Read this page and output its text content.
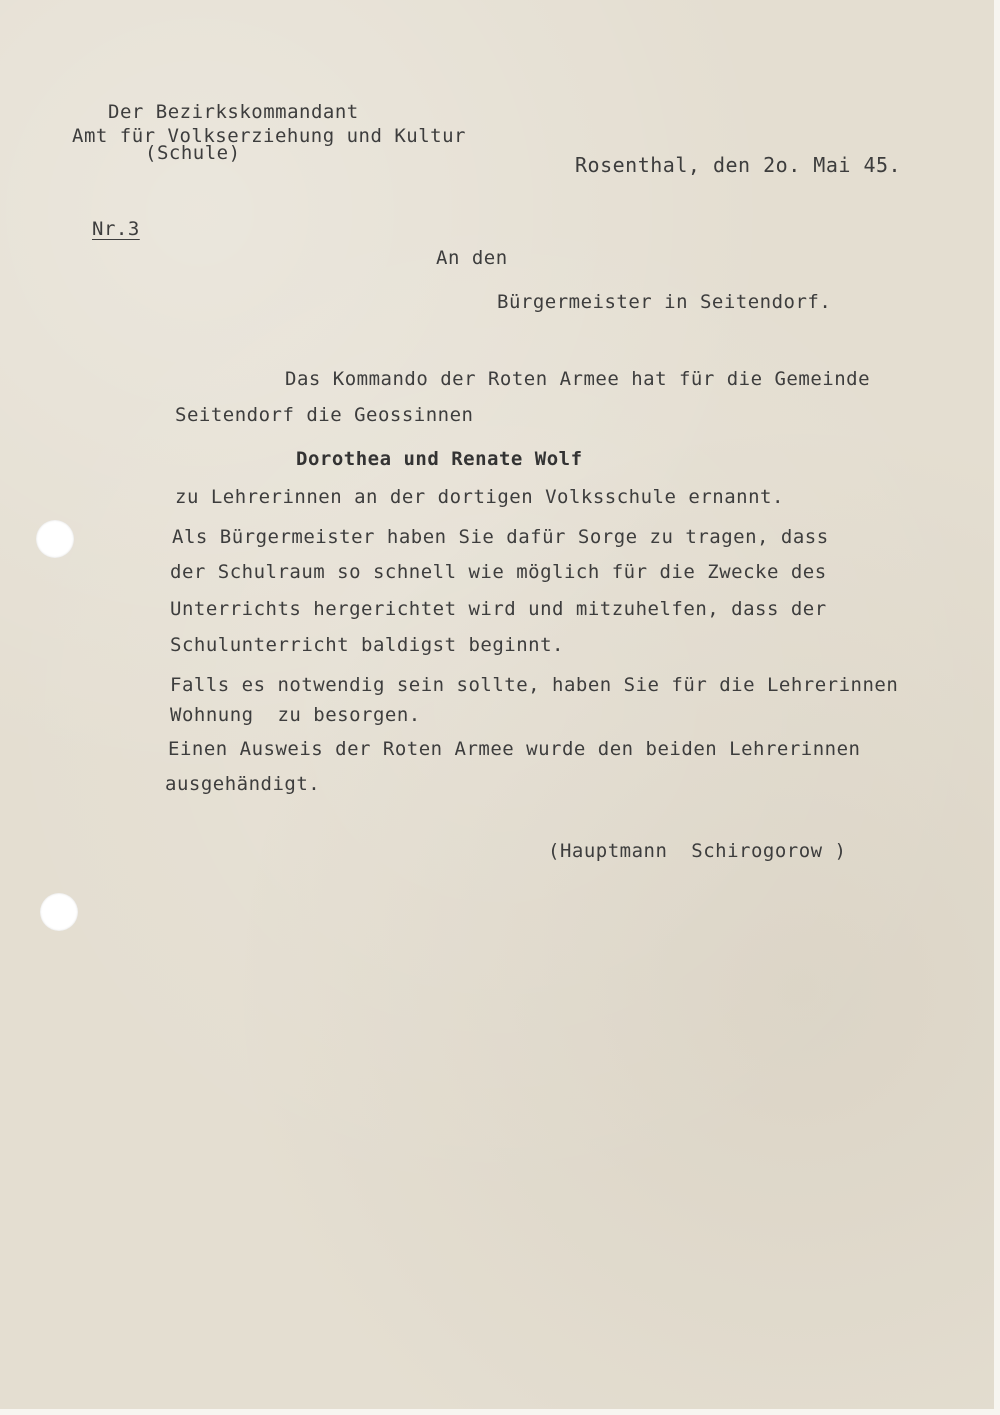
Der Bezirkskommandant
Amt für Volkserziehung und Kultur
(Schule)	Rosenthal, den 2o. Mai 45.
Nr.3
An den
Bürgermeister in Seitendorf.
Das Kommando der Roten Armee hat für die Gemeinde
Seitendorf die Geossinnen
Dorothea und Renate Wolf
zu Lehrerinnen an der dortigen Volksschule ernannt.
Als Bürgermeister haben Sie dafür Sorge zu tragen, dass
der Schulraum so schnell wie möglich für die Zwecke des
Unterrichts hergerichtet wird und mitzuhelfen, dass der
Schulunterricht baldigst beginnt.
Falls es notwendig sein sollte, haben Sie für die Lehrerinnen
Wohnung  zu besorgen.
Einen Ausweis der Roten Armee wurde den beiden Lehrerinnen
ausgehändigt.
(Hauptmann  Schirogorow )
